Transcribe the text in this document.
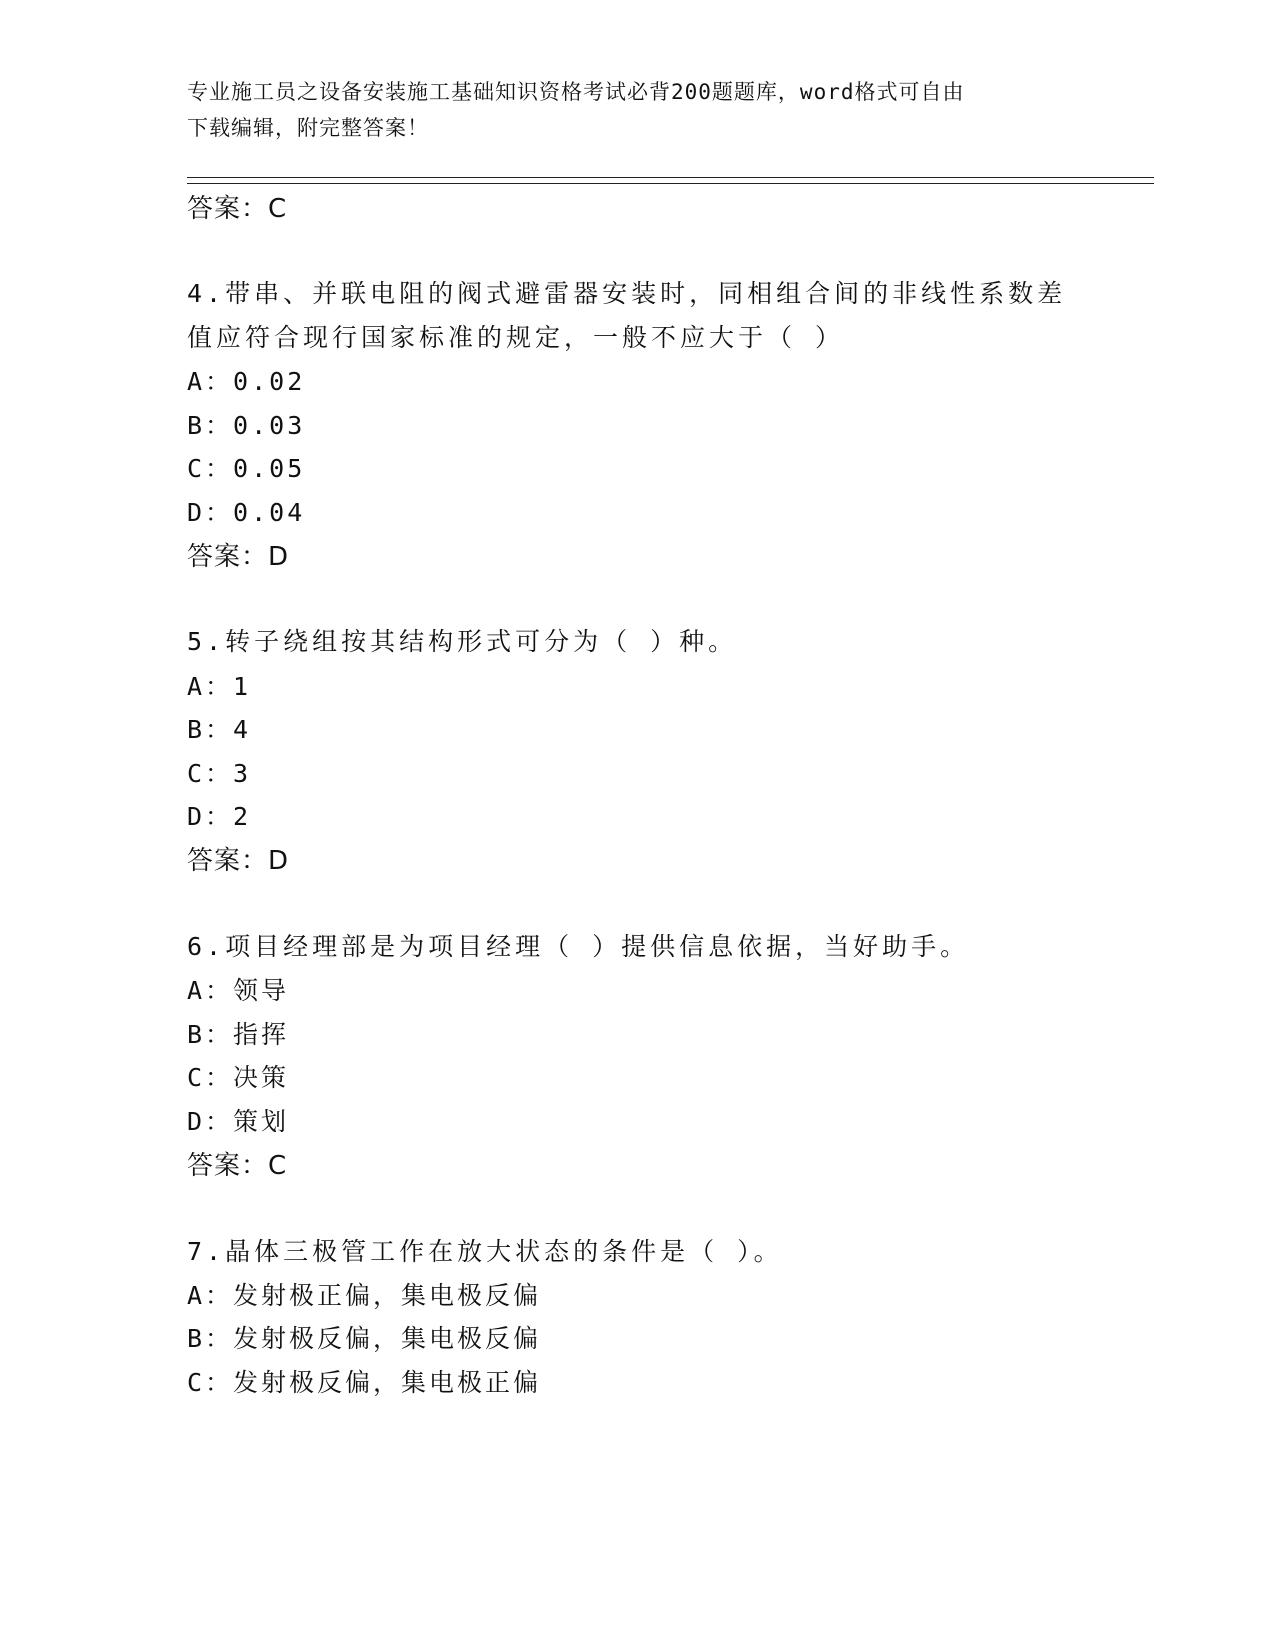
专业施工员之设备安装施工基础知识资格考试必背200题题库，word格式可自由
下载编辑，附完整答案！
答案：C
4.带串、并联电阻的阀式避雷器安装时，同相组合间的非线性系数差
值应符合现行国家标准的规定，一般不应大于（ ）
A：0.02
B：0.03
C：0.05
D：0.04
答案：D
5.转子绕组按其结构形式可分为（ ）种。
A：1
B：4
C：3
D：2
答案：D
6.项目经理部是为项目经理（ ）提供信息依据，当好助手。
A：领导
B：指挥
C：决策
D：策划
答案：C
7.晶体三极管工作在放大状态的条件是（ ）。
A：发射极正偏，集电极反偏
B：发射极反偏，集电极反偏
C：发射极反偏，集电极正偏
